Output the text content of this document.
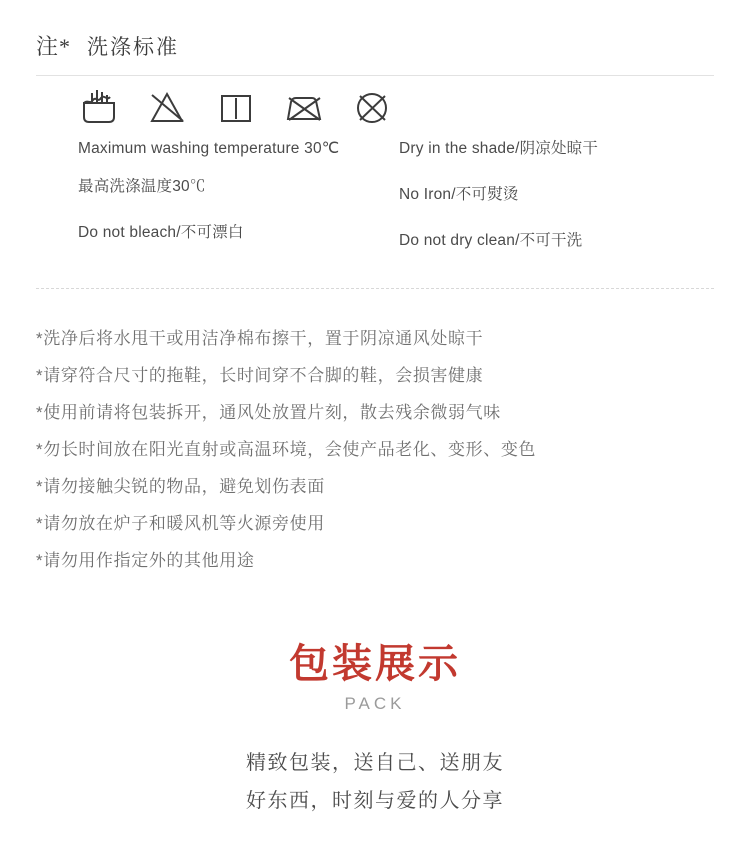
注* 洗涤标准
Maximum washing temperature 30℃
最高洗涤温度30℃
Do not bleach/不可漂白
Dry in the shade/阴凉处晾干
No Iron/不可熨烫
Do not dry clean/不可干洗
*洗净后将水甩干或用洁净棉布擦干，置于阴凉通风处晾干
*请穿符合尺寸的拖鞋，长时间穿不合脚的鞋，会损害健康
*使用前请将包装拆开，通风处放置片刻，散去残余微弱气味
*勿长时间放在阳光直射或高温环境，会使产品老化、变形、变色
*请勿接触尖锐的物品，避免划伤表面
*请勿放在炉子和暖风机等火源旁使用
*请勿用作指定外的其他用途
包装展示
PACK
精致包装，送自己、送朋友
好东西，时刻与爱的人分享
